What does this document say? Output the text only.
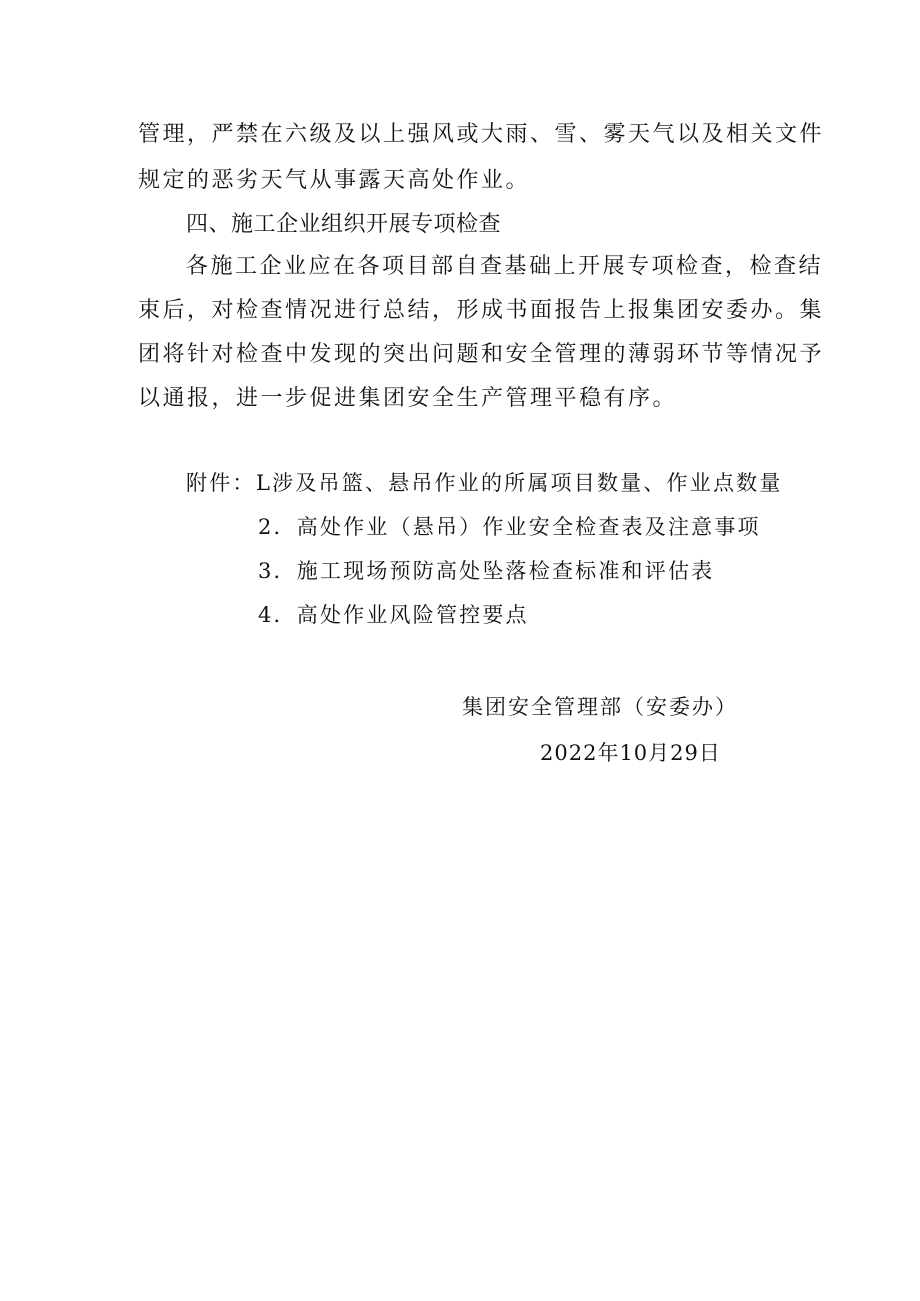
管理，严禁在六级及以上强风或大雨、雪、雾天气以及相关文件
规定的恶劣天气从事露天高处作业。
四、施工企业组织开展专项检查
各施工企业应在各项目部自查基础上开展专项检查，检查结
束后，对检查情况进行总结，形成书面报告上报集团安委办。集
团将针对检查中发现的突出问题和安全管理的薄弱环节等情况予
以通报，进一步促进集团安全生产管理平稳有序。
附件： L涉及吊篮、悬吊作业的所属项目数量、作业点数量
2．高处作业（悬吊）作业安全检查表及注意事项
3．施工现场预防高处坠落检查标准和评估表
4．高处作业风险管控要点
集团安全管理部（安委办）
2022年10月29日
